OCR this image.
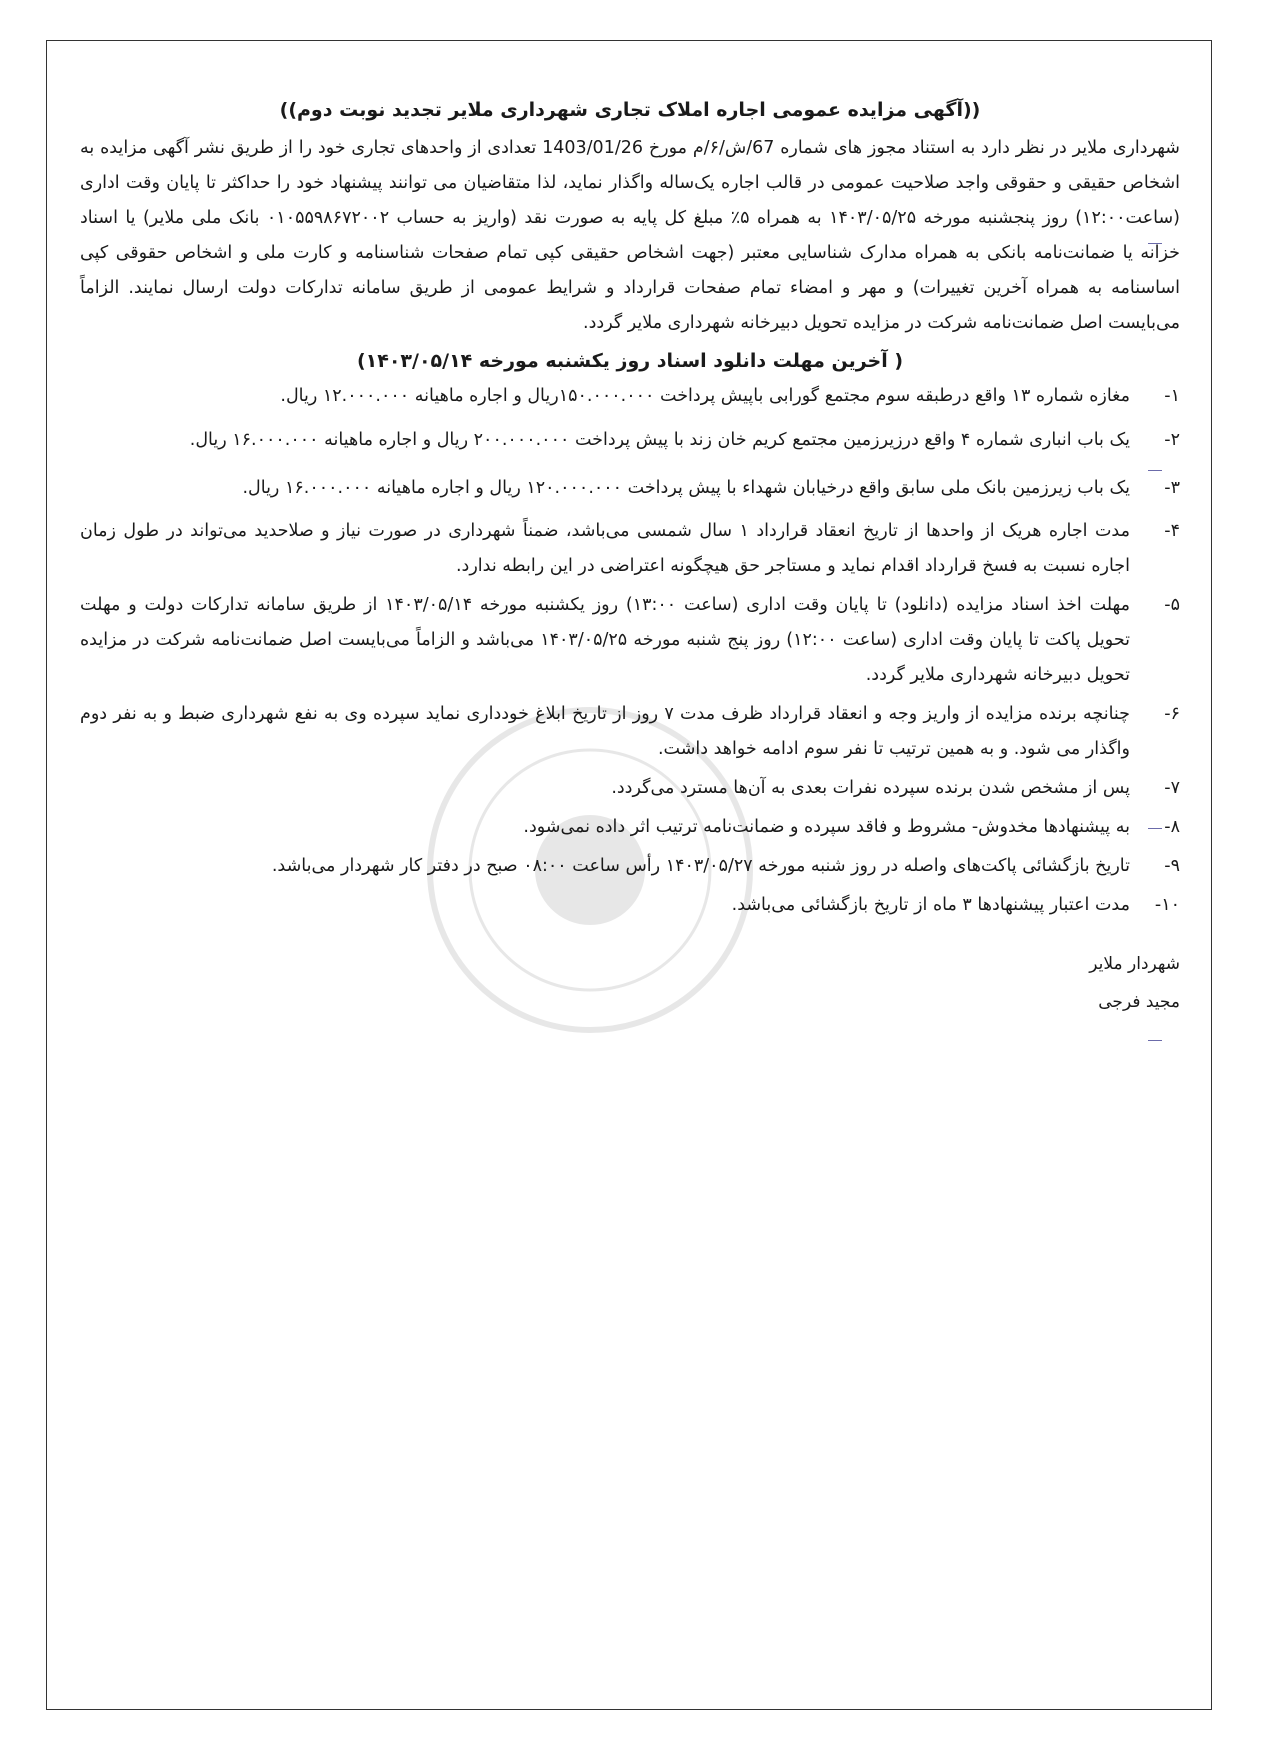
((آگهی مزایده عمومی اجاره املاک تجاری شهرداری ملایر تجدید نوبت دوم))

شهرداری ملایر در نظر دارد به استناد مجوز های شماره 67/ش/۶/م مورخ 1403/01/26 تعدادی از واحدهای تجاری خود را از طریق نشر آگهی مزایده به اشخاص حقیقی و حقوقی واجد صلاحیت عمومی در قالب اجاره یک‌ساله واگذار نماید، لذا متقاضیان می توانند پیشنهاد خود را حداکثر تا پایان وقت اداری (ساعت۱۲:۰۰) روز پنجشنبه مورخه ۱۴۰۳/۰۵/۲۵ به همراه ۵٪ مبلغ کل پایه به صورت نقد (واریز به حساب ۰۱۰۵۵۹۸۶۷۲۰۰۲ بانک ملی ملایر) یا اسناد خزانه یا ضمانت‌نامه بانکی به همراه مدارک شناسایی معتبر (جهت اشخاص حقیقی کپی تمام صفحات شناسنامه و کارت ملی و اشخاص حقوقی کپی اساسنامه به همراه آخرین تغییرات) و مهر و امضاء تمام صفحات قرارداد و شرایط عمومی از طریق سامانه تدارکات دولت ارسال نمایند. الزاماً می‌بایست اصل ضمانت‌نامه شرکت در مزایده تحویل دبیرخانه شهرداری ملایر گردد.

( آخرین مهلت دانلود اسناد روز یکشنبه مورخه ۱۴۰۳/۰۵/۱۴)
۱-
مغازه شماره ۱۳ واقع درطبقه سوم مجتمع گورابی باپیش پرداخت ۱۵۰.۰۰۰.۰۰۰ریال و اجاره ماهیانه ۱۲.۰۰۰.۰۰۰ ریال.
۲-
یک باب انباری شماره ۴ واقع درزیرزمین مجتمع کریم خان زند با پیش پرداخت ۲۰۰.۰۰۰.۰۰۰ ریال و اجاره ماهیانه ۱۶.۰۰۰.۰۰۰ ریال.
۳-
یک باب زیرزمین بانک ملی سابق واقع درخیابان شهداء با پیش پرداخت ۱۲۰.۰۰۰.۰۰۰ ریال و اجاره ماهیانه ۱۶.۰۰۰.۰۰۰ ریال.
۴-
مدت اجاره هریک از واحدها از تاریخ انعقاد قرارداد ۱ سال شمسی می‌باشد، ضمناً شهرداری در صورت نیاز و صلاحدید می‌تواند در طول زمان اجاره نسبت به فسخ قرارداد اقدام نماید و مستاجر حق هیچگونه اعتراضی در این رابطه ندارد.
۵-
مهلت اخذ اسناد مزایده (دانلود) تا پایان وقت اداری (ساعت ۱۳:۰۰) روز یکشنبه مورخه ۱۴۰۳/۰۵/۱۴ از طریق سامانه تدارکات دولت و مهلت تحویل پاکت تا پایان وقت اداری (ساعت ۱۲:۰۰) روز پنج شنبه مورخه ۱۴۰۳/۰۵/۲۵ می‌باشد و الزاماً می‌بایست اصل ضمانت‌نامه شرکت در مزایده تحویل دبیرخانه شهرداری ملایر گردد.
۶-
چنانچه برنده مزایده از واریز وجه و انعقاد قرارداد ظرف مدت ۷ روز از تاریخ ابلاغ خودداری نماید سپرده وی به نفع شهرداری ضبط و به نفر دوم واگذار می شود. و به همین ترتیب تا نفر سوم ادامه خواهد داشت.
۷-
پس از مشخص شدن برنده سپرده نفرات بعدی به آن‌ها مسترد می‌گردد.
۸-
به پیشنهادها مخدوش- مشروط و فاقد سپرده و ضمانت‌نامه ترتیب اثر داده نمی‌شود.
۹-
تاریخ بازگشائی پاکت‌های واصله در روز شنبه مورخه ۱۴۰۳/۰۵/۲۷ رأس ساعت ۰۸:۰۰ صبح در دفتر کار شهردار می‌باشد.
۱۰-
مدت اعتبار پیشنهادها ۳ ماه از تاریخ بازگشائی می‌باشد.
شهردار ملایر
مجید فرجی
